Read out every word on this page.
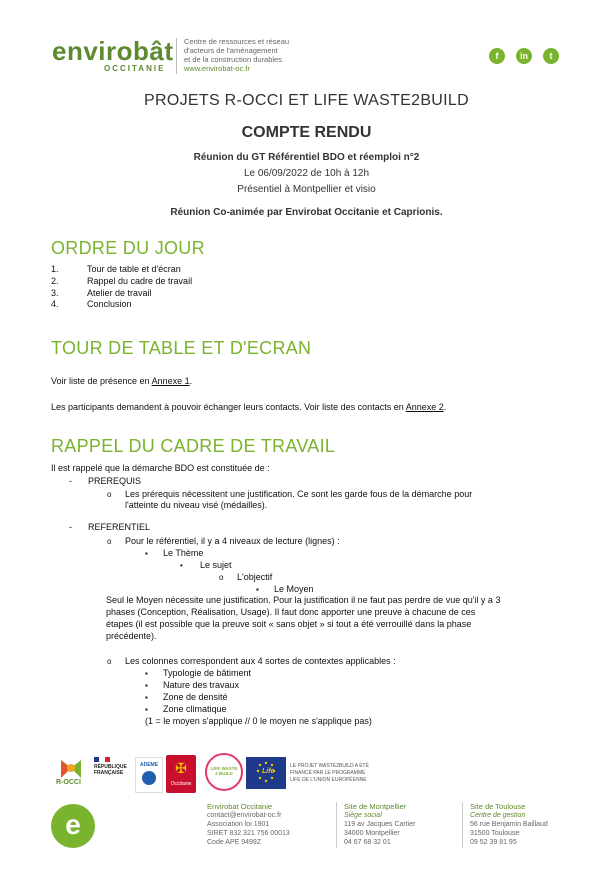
envirobât
OCCITANIE
Centre de ressources et réseau
d'acteurs de l'aménagement
et de la construction durables
www.envirobat-oc.fr
f	in	t
PROJETS R-OCCI ET LIFE WASTE2BUILD
COMPTE RENDU
Réunion du GT Référentiel BDO et réemploi n°2
Le 06/09/2022 de 10h à 12h
Présentiel à Montpellier et visio
Réunion Co-animée par Envirobat Occitanie et Caprionis.
ORDRE DU JOUR
1.	Tour de table et d'écran
2.	Rappel du cadre de travail
3.	Atelier de travail
4.	Conclusion
TOUR DE TABLE ET D'ECRAN
Voir liste de présence en Annexe 1.
Les participants demandent à pouvoir échanger leurs contacts. Voir liste des contacts en Annexe 2.
RAPPEL DU CADRE DE TRAVAIL
Il est rappelé que la démarche BDO est constituée de :
- PREREQUIS
o Les prérequis nécessitent une justification. Ce sont les garde fous de la démarche pour
l'atteinte du niveau visé (médailles).
- REFERENTIEL
o Pour le référentiel, il y a 4 niveaux de lecture (lignes) :
▪ Le Thème
• Le sujet
o L'objectif
▪ Le Moyen
Seul le Moyen nécessite une justification. Pour la justification il ne faut pas perdre de vue qu'il y a 3
phases (Conception, Réalisation, Usage). Il faut donc apporter une preuve à chacune de ces
étapes (il est possible que la preuve soit « sans objet » si tout a été verrouillé dans la phase
précédente).
o Les colonnes correspondent aux 4 sortes de contextes applicables :
▪ Typologie de bâtiment
▪ Nature des travaux
▪ Zone de densité
▪ Zone climatique
(1 = le moyen s'applique // 0 le moyen ne s'applique pas)
R-OCCI
RÉPUBLIQUE
FRANÇAISE
ADEME	✠
Occitanie
LIFE WASTE 2 BUILD	Life
LE PROJET WASTE2BUILD A ÉTÉ
FINANCÉ PAR LE PROGRAMME
LIFE DE L'UNION EUROPÉENNE
e
Envirobat Occitanie
contact@envirobat-oc.fr
Association loi 1901
SIRET 832 321 756 00013
Code APE 9499Z
Site de Montpellier
Siège social
119 av Jacques Cartier
34000 Montpellier
04 67 68 32 01
Site de Toulouse
Centre de gestion
56 rue Benjamin Baillaud
31500 Toulouse
09 52 39 81 95
